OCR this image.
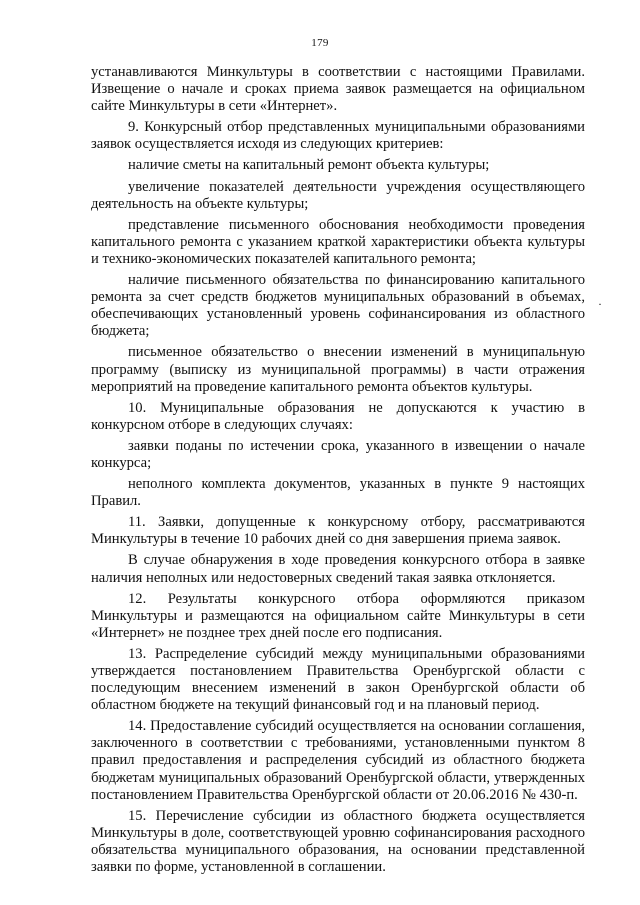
179

устанавливаются Минкультуры в соответствии с настоящими Правилами. Извещение о начале и сроках приема заявок размещается на официальном сайте Минкультуры в сети «Интернет».

9. Конкурсный отбор представленных муниципальными образованиями заявок осуществляется исходя из следующих критериев:

наличие сметы на капитальный ремонт объекта культуры;

увеличение показателей деятельности учреждения осуществляющего деятельность на объекте культуры;

представление письменного обоснования необходимости проведения капитального ремонта с указанием краткой характеристики объекта культуры и технико-экономических показателей капитального ремонта;

наличие письменного обязательства по финансированию капитального ремонта за счет средств бюджетов муниципальных образований в объемах, обеспечивающих установленный уровень софинансирования из областного бюджета;

письменное обязательство о внесении изменений в муниципальную программу (выписку из муниципальной программы) в части отражения мероприятий на проведение капитального ремонта объектов культуры.

10. Муниципальные образования не допускаются к участию в конкурсном отборе в следующих случаях:

заявки поданы по истечении срока, указанного в извещении о начале конкурса;

неполного комплекта документов, указанных в пункте 9 настоящих Правил.

11. Заявки, допущенные к конкурсному отбору, рассматриваются Минкультуры в течение 10 рабочих дней со дня завершения приема заявок.

В случае обнаружения в ходе проведения конкурсного отбора в заявке наличия неполных или недостоверных сведений такая заявка отклоняется.

12. Результаты конкурсного отбора оформляются приказом Минкультуры и размещаются на официальном сайте Минкультуры в сети «Интернет» не позднее трех дней после его подписания.

13. Распределение субсидий между муниципальными образованиями утверждается постановлением Правительства Оренбургской области с последующим внесением изменений в закон Оренбургской области об областном бюджете на текущий финансовый год и на плановый период.

14. Предоставление субсидий осуществляется на основании соглашения, заключенного в соответствии с требованиями, установленными пунктом 8 правил предоставления и распределения субсидий из областного бюджета бюджетам муниципальных образований Оренбургской области, утвержденных постановлением Правительства Оренбургской области от 20.06.2016 № 430-п.

15. Перечисление субсидии из областного бюджета осуществляется Минкультуры в доле, соответствующей уровню софинансирования расходного обязательства муниципального образования, на основании представленной заявки по форме, установленной в соглашении.

·
